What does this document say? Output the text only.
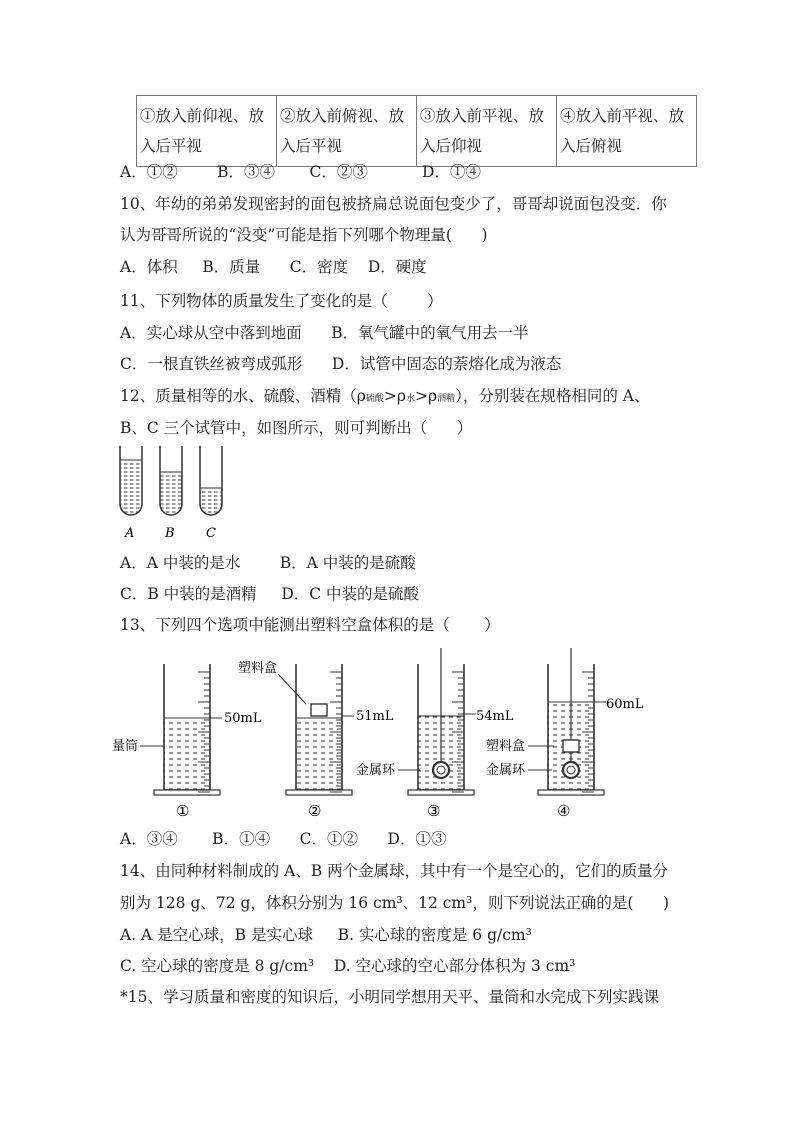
①放入前仰视、放入后平视	②放入前俯视、放入后平视	③放入前平视、放入后仰视	④放入前平视、放入后俯视
A．①②        B．③④       C．②③           D．①④
10、年幼的弟弟发现密封的面包被挤扁总说面包变少了，哥哥却说面包没变．你
认为哥哥所说的“没变”可能是指下列哪个物理量(      )
A．体积     B．质量      C．密度    D．硬度
11、下列物体的质量发生了变化的是（        ）
A．实心球从空中落到地面      B．氧气罐中的氧气用去一半
C．一根直铁丝被弯成弧形      D．试管中固态的萘熔化成为液态
12、质量相等的水、硫酸、酒精（ρ硫酸>ρ水>ρ酒精），分别装在规格相同的 A、
B、C 三个试管中，如图所示，则可判断出（      ）
A B C
A．A 中装的是水        B．A 中装的是硫酸
C．B 中装的是酒精     D．C 中装的是硫酸
13、下列四个选项中能测出塑料空盒体积的是（       ）
量筒
塑料盒
金属环
塑料盒
金属环
50mL	51mL	54mL
60mL
①	②	③	④
A．③④       B．①④      C．①②      D．①③
14、由同种材料制成的 A、B 两个金属球，其中有一个是空心的，它们的质量分
别为 128 g、72 g，体积分别为 16 cm³、12 cm³，则下列说法正确的是(      )
A. A 是空心球，B 是实心球     B. 实心球的密度是 6 g/cm³
C. 空心球的密度是 8 g/cm³    D. 空心球的空心部分体积为 3 cm³
*15、学习质量和密度的知识后，小明同学想用天平、量筒和水完成下列实践课
